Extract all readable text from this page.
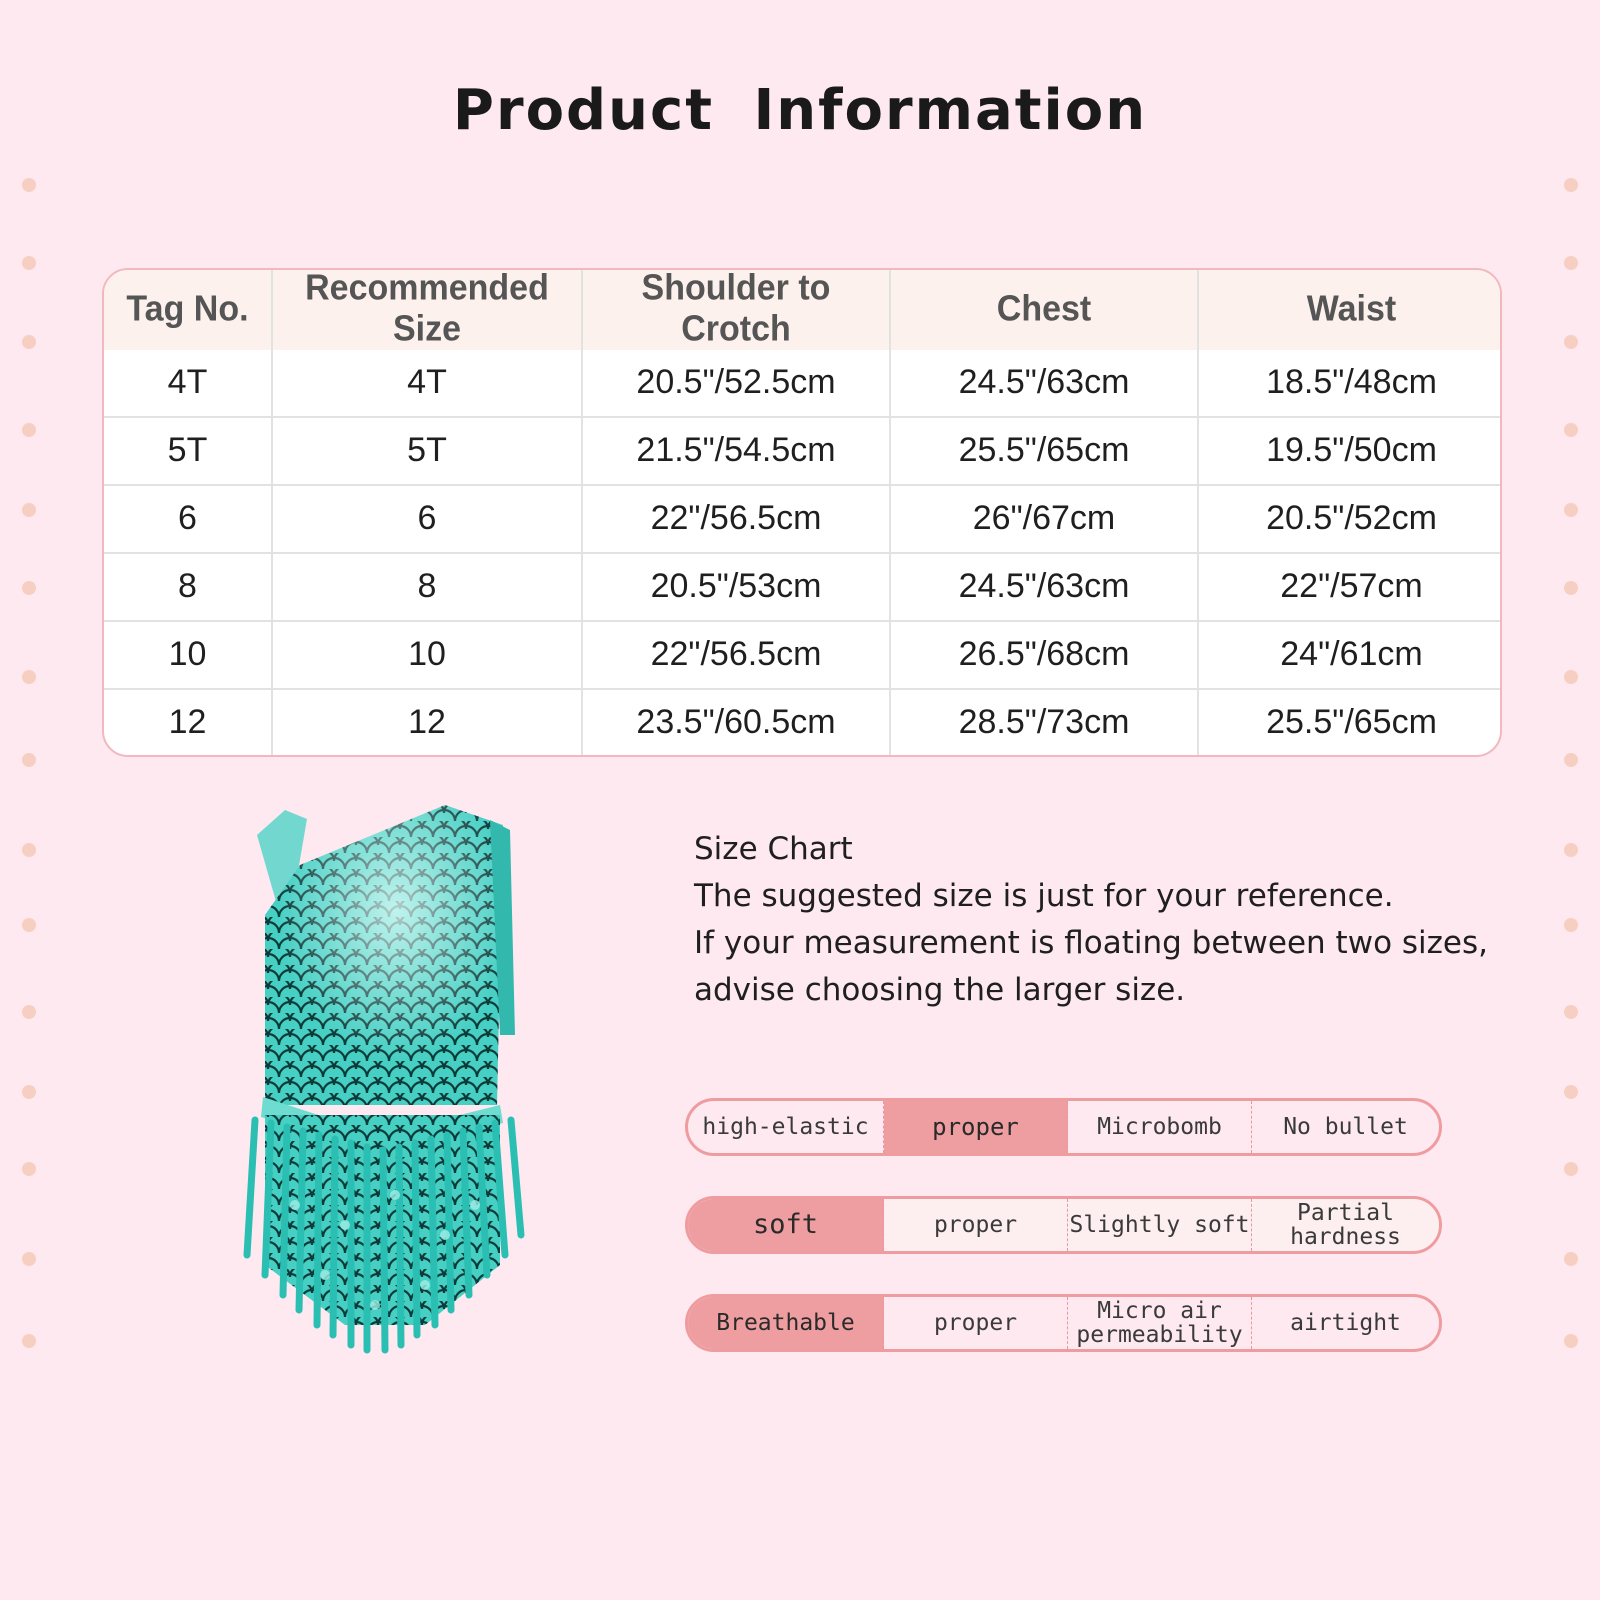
Product Information
Tag No.	Recommended Size	Shoulder to Crotch	Chest	Waist
4T	4T	20.5"/52.5cm	24.5"/63cm	18.5"/48cm
5T	5T	21.5"/54.5cm	25.5"/65cm	19.5"/50cm
6	6	22"/56.5cm	26"/67cm	20.5"/52cm
8	8	20.5"/53cm	24.5"/63cm	22"/57cm
10	10	22"/56.5cm	26.5"/68cm	24"/61cm
12	12	23.5"/60.5cm	28.5"/73cm	25.5"/65cm
Size Chart
The suggested size is just for your reference.
If your measurement is floating between two sizes,
advise choosing the larger size.
high-elastic	proper	Microbomb	No bullet
soft	proper	Slightly soft	Partial hardness
Breathable	proper	Micro air permeability	airtight
